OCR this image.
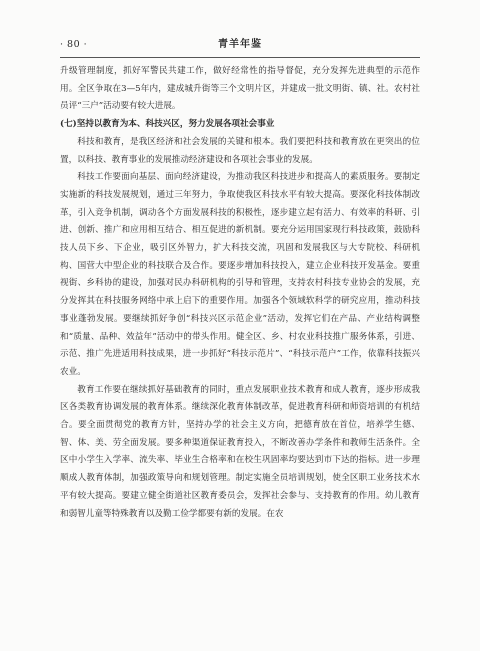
· 80 ·	青羊年鉴

升级管理制度，抓好军警民共建工作，做好经常性的指导督促，充分发挥先进典型的示范作用。全区争取在3—5年内，建成城升街等三个文明片区，并建成一批文明街、镇、社。农村社员评“三户”活动要有较大进展。

(七)坚持以教育为本、科技兴区，努力发展各项社会事业

科技和教育，是我区经济和社会发展的关键和根本。我们要把科技和教育放在更突出的位置，以科技、教育事业的发展推动经济建设和各项社会事业的发展。

科技工作要面向基层、面向经济建设，为推动我区科技进步和提高人的素质服务。要制定实施新的科技发展规划，通过三年努力，争取使我区科技水平有较大提高。要深化科技体制改革，引入竞争机制，调动各个方面发展科技的积极性，逐步建立起有活力、有效率的科研、引进、创新、推广和应用相互结合、相互促进的新机制。要充分运用国家现行科技政策，鼓励科技人员下乡、下企业，吸引区外智力，扩大科技交流，巩固和发展我区与大专院校、科研机构、国营大中型企业的科技联合及合作。要逐步增加科技投入，建立企业科技开发基金。要重视街、乡科协的建设，加强对民办科研机构的引导和管理，支持农村科技专业协会的发展，充分发挥其在科技服务网络中承上启下的重要作用。加强各个领域软科学的研究应用，推动科技事业蓬勃发展。要继续抓好争创“科技兴区示范企业”活动，发挥它们在产品、产业结构调整和“质量、品种、效益年”活动中的带头作用。健全区、乡、村农业科技推广服务体系，引进、示范、推广先进适用科技成果，进一步抓好“科技示范片”、“科技示范户”工作，依靠科技振兴农业。

教育工作要在继续抓好基础教育的同时，重点发展职业技术教育和成人教育，逐步形成我区各类教育协调发展的教育体系。继续深化教育体制改革，促进教育科研和师资培训的有机结合。要全面贯彻党的教育方针，坚持办学的社会主义方向，把德育放在首位，培养学生德、智、体、美、劳全面发展。要多种渠道保证教育投入，不断改善办学条件和教师生活条件。全区中小学生入学率、流失率、毕业生合格率和在校生巩固率均要达到市下达的指标。进一步理顺成人教育体制，加强政策导向和规划管理。制定实施全员培训规划，使全区职工业务技术水平有较大提高。要建立健全街道社区教育委员会，发挥社会参与、支持教育的作用。幼儿教育和弱智儿童等特殊教育以及勤工俭学都要有新的发展。在农
